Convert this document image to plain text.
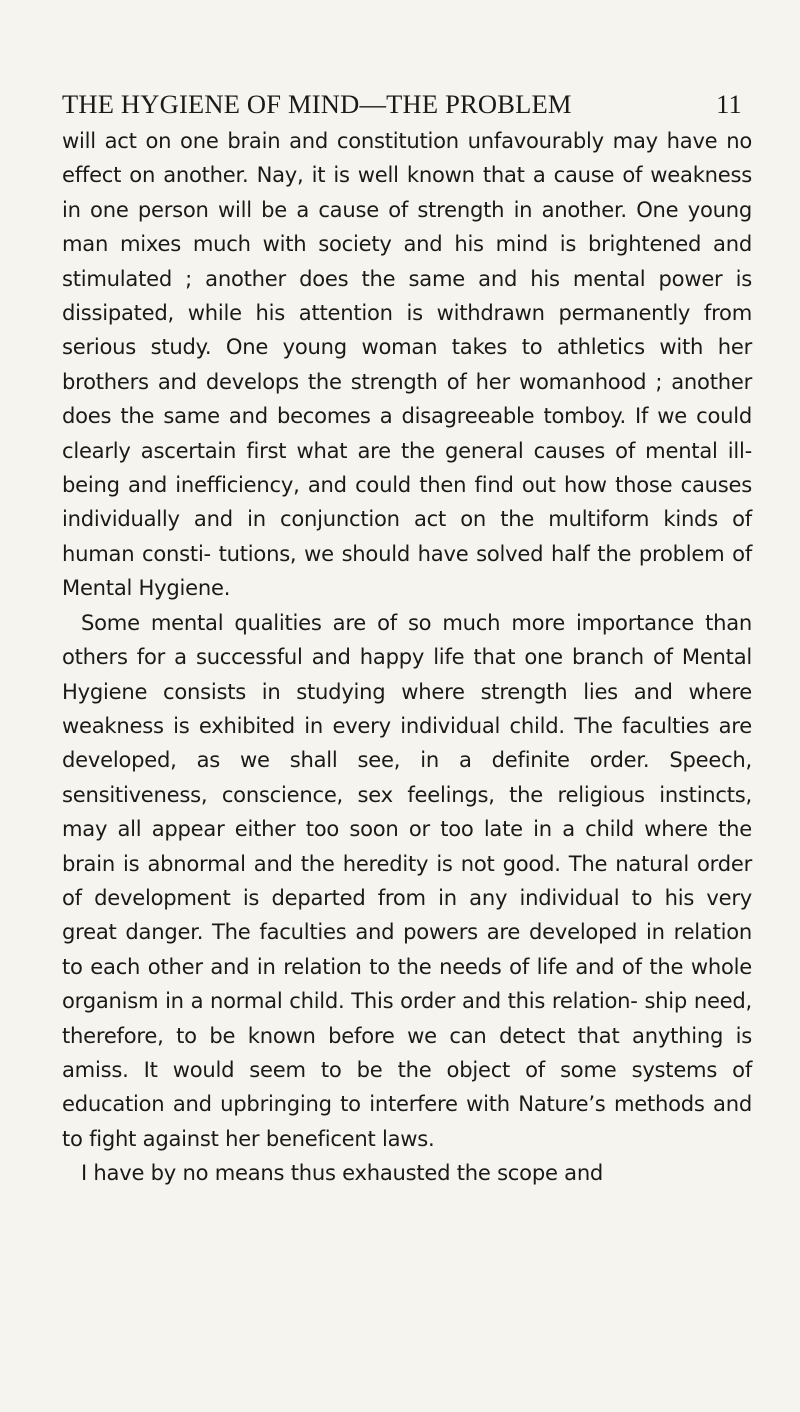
THE HYGIENE OF MIND—THE PROBLEM	11

will act on one brain and constitution unfavourably may have no effect on another. Nay, it is well known that a cause of weakness in one person will be a cause of strength in another. One young man mixes much with society and his mind is brightened and stimulated ; another does the same and his mental power is dissipated, while his attention is withdrawn permanently from serious study. One young woman takes to athletics with her brothers and develops the strength of her womanhood ; another does the same and becomes a disagreeable tomboy. If we could clearly ascertain first what are the general causes of mental ill-being and inefficiency, and could then find out how those causes individually and in conjunction act on the multiform kinds of human consti- tutions, we should have solved half the problem of Mental Hygiene.

Some mental qualities are of so much more importance than others for a successful and happy life that one branch of Mental Hygiene consists in studying where strength lies and where weakness is exhibited in every individual child. The faculties are developed, as we shall see, in a definite order. Speech, sensitiveness, conscience, sex feelings, the religious instincts, may all appear either too soon or too late in a child where the brain is abnormal and the heredity is not good. The natural order of development is departed from in any individual to his very great danger. The faculties and powers are developed in relation to each other and in relation to the needs of life and of the whole organism in a normal child. This order and this relation- ship need, therefore, to be known before we can detect that anything is amiss. It would seem to be the object of some systems of education and upbringing to interfere with Nature’s methods and to fight against her beneficent laws.

I have by no means thus exhausted the scope and
